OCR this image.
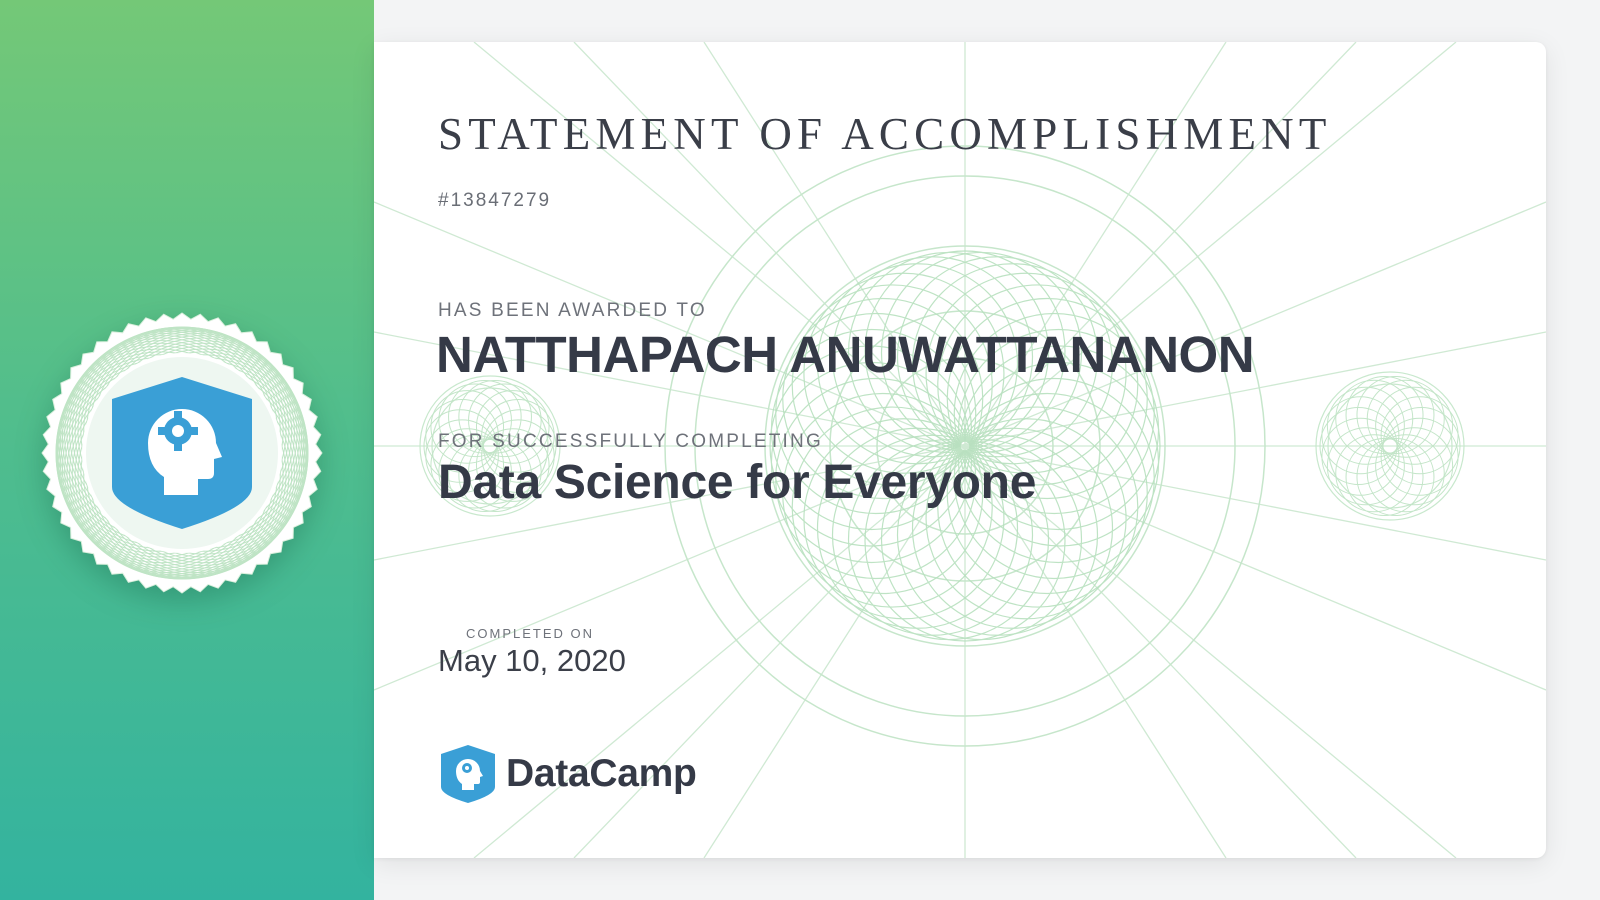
STATEMENT OF ACCOMPLISHMENT
#13847279
HAS BEEN AWARDED TO
NATTHAPACH ANUWATTANANON
FOR SUCCESSFULLY COMPLETING
Data Science for Everyone
COMPLETED ON
May 10, 2020
DataCamp
